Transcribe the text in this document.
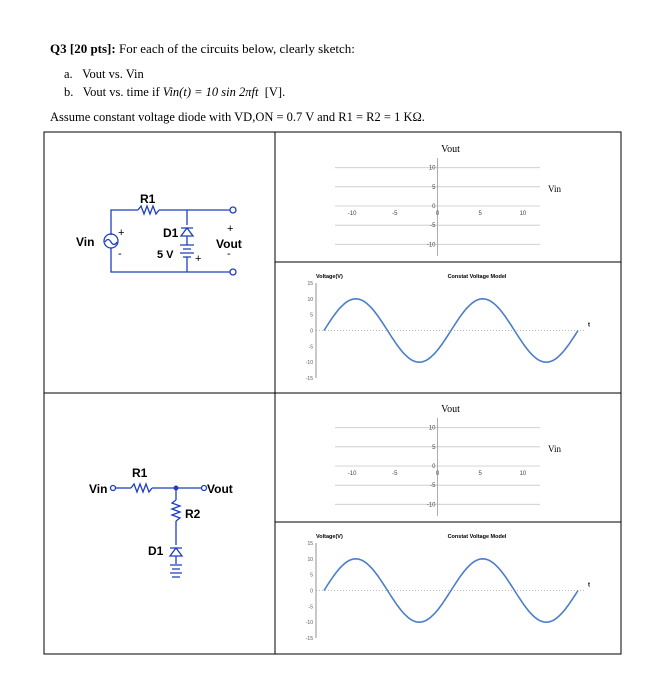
Q3 [20 pts]: For each of the circuits below, clearly sketch:
a. Vout vs. Vin
b. Vout vs. time if Vin(t) = 10 sin 2πft [V].
Assume constant voltage diode with VD,ON = 0.7 V and R1 = R2 = 1 KΩ.
R1
Vin
+
-
D1
5 V +
+
-
Vout
R1
Vin	Vout
R2
D1
10
5
0
-5
-10
-10	-5	0	5	10
Vout
Vin
15
10
5
0
-5
-10
-15
Voltage(V)	Constat Voltage Model
t
10
5
0
-5
-10
-10	-5	0	5	10
Vout
Vin
15
10
5
0
-5
-10
-15
Voltage(V)	Constat Voltage Model
t
